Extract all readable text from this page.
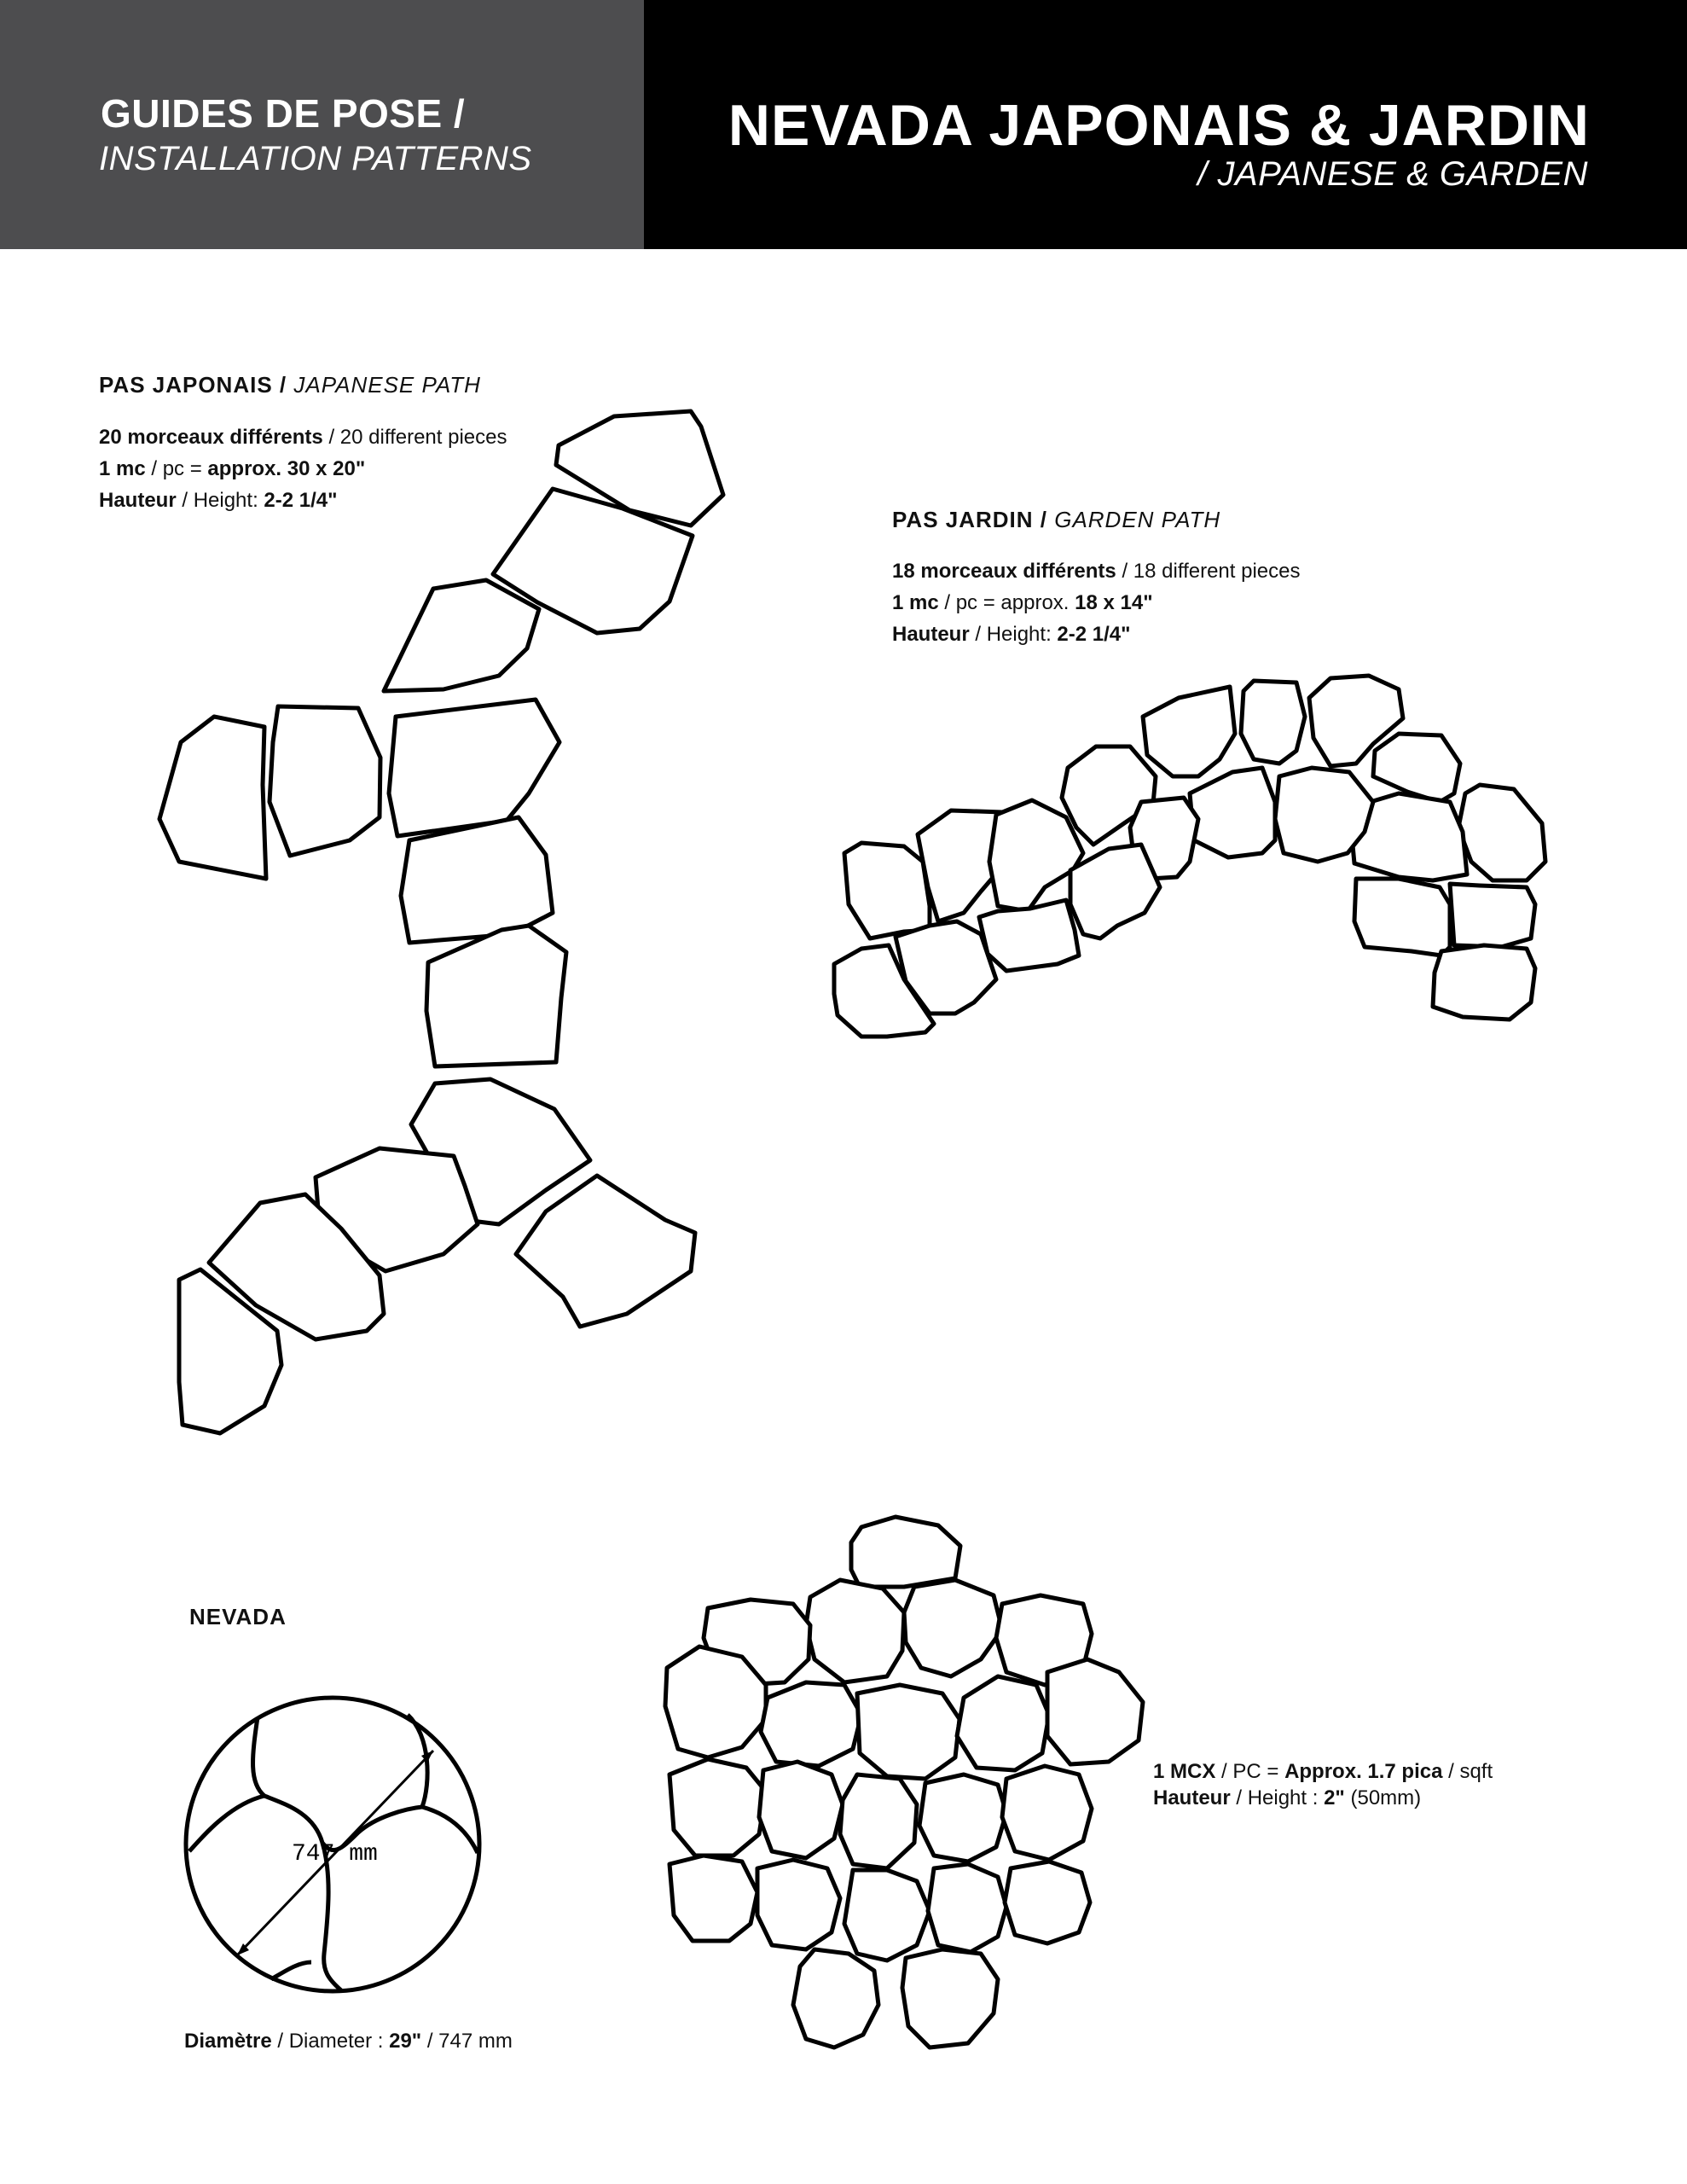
GUIDES DE POSE /
INSTALLATION PATTERNS
NEVADA JAPONAIS & JARDIN
/ JAPANESE & GARDEN
PAS JAPONAIS / JAPANESE PATH
20 morceaux différents / 20 different pieces
1 mc / pc = approx. 30 x 20"
Hauteur / Height: 2-2 1/4"
PAS JARDIN / GARDEN PATH
18 morceaux différents / 18 different pieces
1 mc / pc = approx. 18 x 14"
Hauteur / Height: 2-2 1/4"
NEVADA
Diamètre / Diameter : 29" / 747 mm
1 MCX / PC = Approx. 1.7 pica / sqft
Hauteur / Height : 2" (50mm)
747 mm
